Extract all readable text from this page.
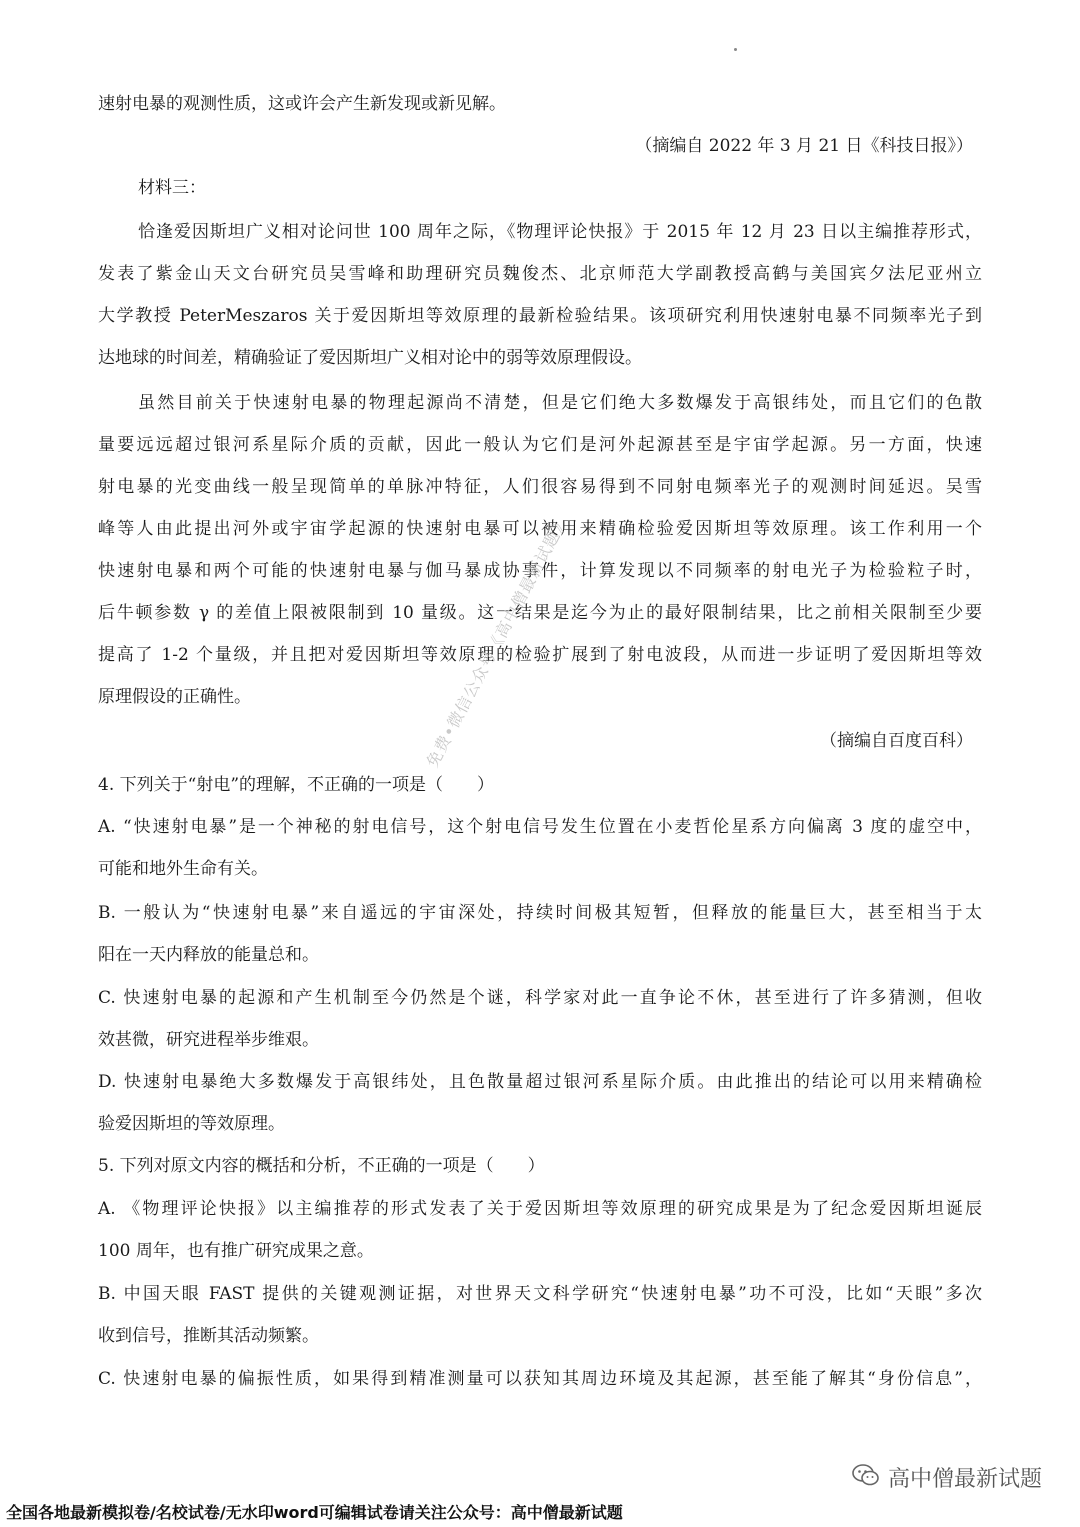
速射电暴的观测性质，这或许会产生新发现或新见解。
（摘编自 2022 年 3 月 21 日《科技日报》）
材料三：
恰逢爱因斯坦广义相对论问世 100 周年之际，《物理评论快报》于 2015 年 12 月 23 日以主编推荐形式，
发表了紫金山天文台研究员吴雪峰和助理研究员魏俊杰、北京师范大学副教授高鹤与美国宾夕法尼亚州立
大学教授 PeterMeszaros 关于爱因斯坦等效原理的最新检验结果。该项研究利用快速射电暴不同频率光子到
达地球的时间差，精确验证了爱因斯坦广义相对论中的弱等效原理假设。
虽然目前关于快速射电暴的物理起源尚不清楚，但是它们绝大多数爆发于高银纬处，而且它们的色散
量要远远超过银河系星际介质的贡献，因此一般认为它们是河外起源甚至是宇宙学起源。另一方面，快速
射电暴的光变曲线一般呈现简单的单脉冲特征，人们很容易得到不同射电频率光子的观测时间延迟。吴雪
峰等人由此提出河外或宇宙学起源的快速射电暴可以被用来精确检验爱因斯坦等效原理。该工作利用一个
快速射电暴和两个可能的快速射电暴与伽马暴成协事件，计算发现以不同频率的射电光子为检验粒子时，
后牛顿参数 γ 的差值上限被限制到 10 量级。这一结果是迄今为止的最好限制结果，比之前相关限制至少要
提高了 1-2 个量级，并且把对爱因斯坦等效原理的检验扩展到了射电波段，从而进一步证明了爱因斯坦等效
原理假设的正确性。
（摘编自百度百科）
4. 下列关于“射电”的理解，不正确的一项是（　　）
A. “快速射电暴”是一个神秘的射电信号，这个射电信号发生位置在小麦哲伦星系方向偏离 3 度的虚空中，
可能和地外生命有关。
B. 一般认为“快速射电暴”来自遥远的宇宙深处，持续时间极其短暂，但释放的能量巨大，甚至相当于太
阳在一天内释放的能量总和。
C. 快速射电暴的起源和产生机制至今仍然是个谜，科学家对此一直争论不休，甚至进行了许多猜测，但收
效甚微，研究进程举步维艰。
D. 快速射电暴绝大多数爆发于高银纬处，且色散量超过银河系星际介质。由此推出的结论可以用来精确检
验爱因斯坦的等效原理。
5. 下列对原文内容的概括和分析，不正确的一项是（　　）
A. 《物理评论快报》以主编推荐的形式发表了关于爱因斯坦等效原理的研究成果是为了纪念爱因斯坦诞辰
100 周年，也有推广研究成果之意。
B. 中国天眼 FAST 提供的关键观测证据，对世界天文科学研究“快速射电暴”功不可没，比如“天眼”多次
收到信号，推断其活动频繁。
C. 快速射电暴的偏振性质，如果得到精准测量可以获知其周边环境及其起源，甚至能了解其“身份信息”，
免费•微信公众号《高中僧最新试题》
高中僧最新试题
全国各地最新模拟卷/名校试卷/无水印word可编辑试卷请关注公众号：高中僧最新试题
